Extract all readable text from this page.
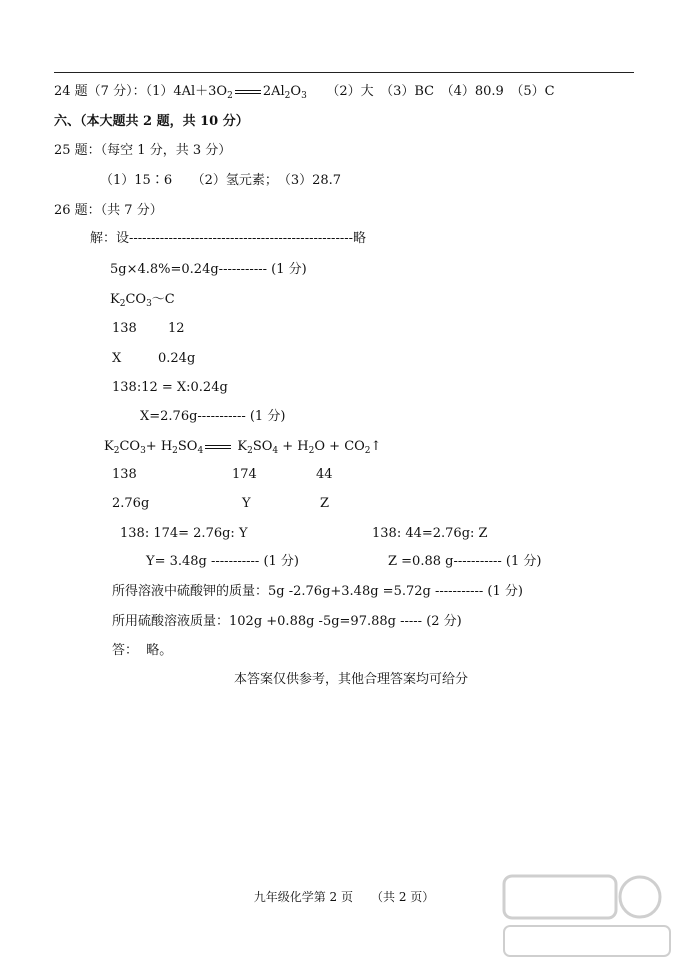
24 题（7 分）：$(1)4Al+3O_2$ $2Al_2O_3$　　 （2）大　（3）BC　（4）80.9　（5）C
六、（本大题共 2 题，共 10 分）
25 题：（每空 1 分，共 3 分）
（1）15∶6　　（2）氢元素；　（3）28.7
26 题：（共 7 分）
解：设---------------------------------------------------略
5g×4.8%=0.24g----------- (1 分)
$K_2CO_3\sim C$
138 12
X	0.24g
138:12 = X:0.24g
X=2.76g----------- (1 分)
$K_2CO_3+ H_2SO_4$	$K_2SO_4 + H_2O$ + $CO_2↑$
138	174	44
2.76g	Y	Z
138: 174= 2.76g: Y	138: 44=2.76g: Z
Y= 3.48g ----------- (1 分)	Z =0.88 g----------- (1 分)
所得溶液中硫酸钾的质量：5g -2.76g+3.48g =5.72g ----------- (1 分)
所用硫酸溶液质量：102g +0.88g -5g=97.88g ----- (2 分)
答：  略。
本答案仅供参考，其他合理答案均可给分
九年级化学第 2 页　　（共 2 页）
